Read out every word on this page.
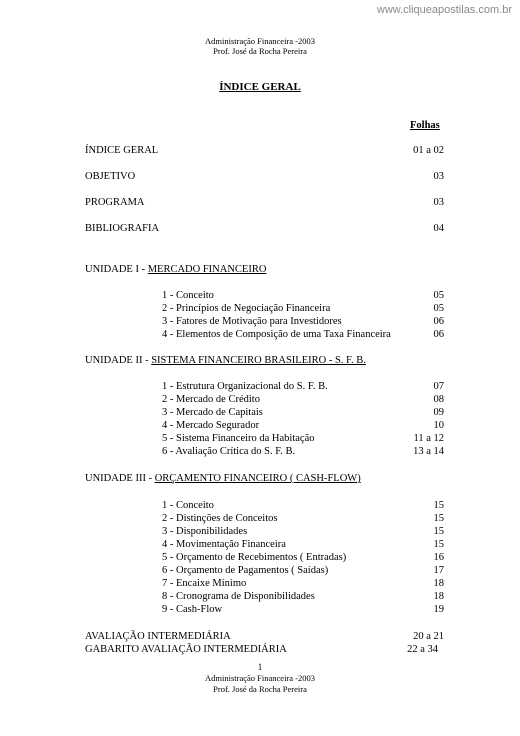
www.cliqueapostilas.com.br
Administração Financeira -2003
Prof. José da Rocha Pereira
ÍNDICE GERAL
Folhas
ÍNDICE GERAL	01 a 02
OBJETIVO	03
PROGRAMA	03
BIBLIOGRAFIA	04
UNIDADE I - MERCADO FINANCEIRO
1 - Conceito	05
2 - Princípios de Negociação Financeira	05
3 - Fatores de Motivação para Investidores	06
4 - Elementos de Composição de uma Taxa Financeira	06
UNIDADE II - SISTEMA FINANCEIRO BRASILEIRO - S. F. B.
1 - Estrutura Organizacional do S. F. B.	07
2 - Mercado de Crédito	08
3 - Mercado de Capitais	09
4 - Mercado Segurador	10
5 - Sistema Financeiro da Habitação	11 a 12
6 - Avaliação Crítica do S. F. B.	13 a 14
UNIDADE III - ORÇAMENTO FINANCEIRO ( CASH-FLOW)
1 - Conceito	15
2 - Distinções de Conceitos	15
3 - Disponibilidades	15
4 - Movimentação Financeira	15
5 - Orçamento de Recebimentos ( Entradas)	16
6 - Orçamento de Pagamentos ( Saídas)	17
7 - Encaixe Mínimo	18
8 - Cronograma de Disponibilidades	18
9 - Cash-Flow	19
AVALIAÇÃO INTERMEDIÁRIA	20 a 21
GABARITO AVALIAÇÃO INTERMEDIÁRIA	22 a 34
1
Administração Financeira -2003
Prof. José da Rocha Pereira
